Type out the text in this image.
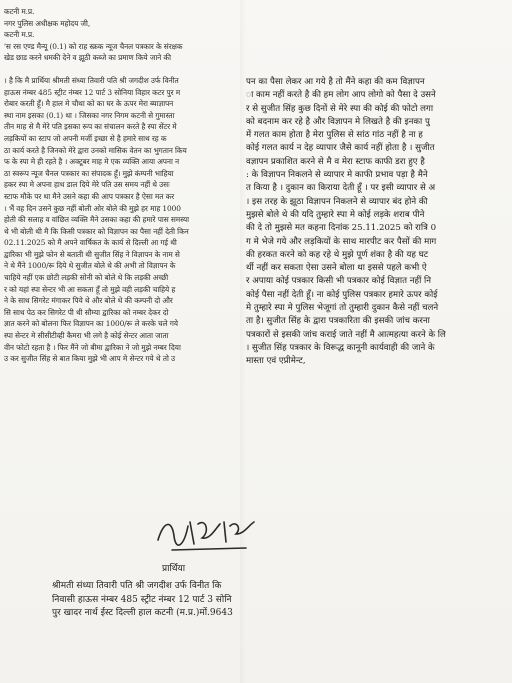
कटनी म.प्र.
नगर पुलिस अधीक्षक महोदय जी,
कटनी म.प्र.
'स रस एण्ड मैन्यू (0.1) को राह स्क्रक न्यूज चैनल पत्रकार के संरक्षक
खेड छाड करने धमकी देने व झूठी कब्जे का प्रमाण किये जाने की
। है कि मै प्रार्थिया श्रीमती संध्या तिवारी पति श्री जगदीश उर्फ विनीत
हाऊस नंम्बर 485 स्ट्रीट नंम्बर 12 पार्ट 3 सोनिया विहार कटर पुर म
रोबार करती हूँ। मै हाल मे चौथा को का घर के ऊपर मेरा ब्याज्ञापन
स्था नाम इसका (0.1) था । जिसका नगर निगम कटनी से गुमास्ता
तीन माह से मै मेरे पति इसका रूप का संचालन करते है स्पा सेंटर मे
लड़कियों का स्टाप जो अपनी मर्जी इच्छा से है हमारे साथ रह क
ठा कार्य करते है जिनको मेरे द्वारा उनको मासिक वेतन का भुगतान किय
फ के स्पा मे ही रहते है । अक्टूबर माह मे एक व्यक्ति आया अपना न
ठा स्वरूप न्यूज चैनल पत्रकार का संपादक हूँ। मुझे कंम्पनी भाहिया
हकर स्पा मे अपना हाथ डाल दिये मेरे पति उस समय नहीं थे उसः
स्टाफ मौके पर था मैने उसने कहा की आप पत्रकार है ऐसा मत कर
। भैं वह दिन उसने कुछ नहीं बोली ओर बोले की मुझे हर माह 1000
होती की सलाह व वांछित व्यक्ति मैने उसका कहा की हमारे पास समस्या
थे भी बोली थी मै कि किसी पत्रकार को विज्ञापन का पैसा नहीं देती किन
02.11.2025 को मै अपने वार्षिकत के कार्य से दिल्ली आ गई थी
द्वारिका भी मुझे फोन से बताती थी सुजीत सिंह ने विज्ञापन के नाम से
ने थे मैंने 1000/रू दिये थे सुजीत बोले थे की अभी तो विज्ञापन के
चाहिये नहीं एक छोटी लड़की सोनी को बोले थे कि लड़की अच्छी
र को यहां स्पा सेन्टर भी आ सकता हूँ तो मुझे वही लड़की चाहिये ह
ने के साथ सिगरेट मंगाकर पिये थे और बोले थे की कम्पनी दो और
सि साथ पेठ कर सिगरेट पी थी सौम्या द्वारिका को नम्बर देकर दो
ज्ञात करने को बोलना फिर विज्ञापन का 1000/रू ले करके चले गये
स्पा सेन्टर मे सीसीटीव्ही कैमरा भी लगे है कोई सेन्टर आता जाता
वीन फोटो रहता है । फिर मैंने जो बीमा द्वारिका ने जो मुझे नम्बर दिया
उ कर सुजीत सिंह से बात किया मुझे भी आप मे सेन्टर गये थे तो उ
पन का पैसा लेकर आ गये है तो मैंने कहा की कम विज्ञापन
ा काम नहीं करते है की हम लोग आप लोगो को पैसा दे उसने
र से सुजीत सिंह कुछ दिनों से मेरे स्पा की कोई की फोटो लगा
को बदनाम कर रहे है और विज्ञापन मे लिखते है की इनका पु
में गलत काम होता है मेरा पुलिस से सांठ गांठ नहीं है ना ह
कोई गलत कार्य न देह व्यापार जैसे कार्य नहीं होता है । सुजीत
वज्ञापन प्रकाशित करने से मै व मेरा स्टाफ काफी डरा हुए है
: के विज्ञापन निकलने से व्यापार मे काफी प्रभाव पड़ा है मैने
त किया है । दुकान का किराया देती हूँ । पर इसी व्यापार से अ
। इस तरह के झूठा विज्ञापन निकलने से व्यापार बंद होने की
मुझसे बोले थे की यदि तुम्हारे स्पा मे कोई लड़के शराब पीने
की दे तो मुझसे मत कहना दिनांक 25.11.2025 को रात्रि 0
ग मे भेजे गये और लड़कियों के साथ मारपीट कर पैसों की माग
की हरकत करने को कह रहे थे मुझे पूर्ण शंका है की यह घट
र्थी नहीं कर सकता ऐसा उसने बोला था इससे पहले कभी ऐ
र अपाया कोई पत्रकार किसी भी पत्रकार कोई विज्ञात नहीं नि
कोई पैसा नहीं देती हूँ। ना कोई पुलिस पत्रकार हमारे ऊपर कोई
मे तुम्हारे स्पा मे पुलिस भेजूगां तो तुम्हारी दुकान कैसे नहीं चलने
ता है। सुजीत सिंह के द्वारा पत्रकारिता की इसकी जांच करना
पत्रकारों से इसकी जांच कराई जाते नहीं मै आत्महत्या करने के लि
। सुजीत सिंह पत्रकार के विरूद्ध कानूनी कार्यवाही की जाने के
मास्ता एवं एप्रीमेन्ट,
प्रार्थिया
श्रीमती संध्या तिवारी पति श्री जगदीश उर्फ विनीत कि
निवासी हाऊस नंम्बर 485 स्ट्रीट नंम्बर 12 पार्ट 3 सोनि
पुर खादर नार्थ ईस्ट दिल्ली हाल कटनी (म.प्र.)मों.9643
